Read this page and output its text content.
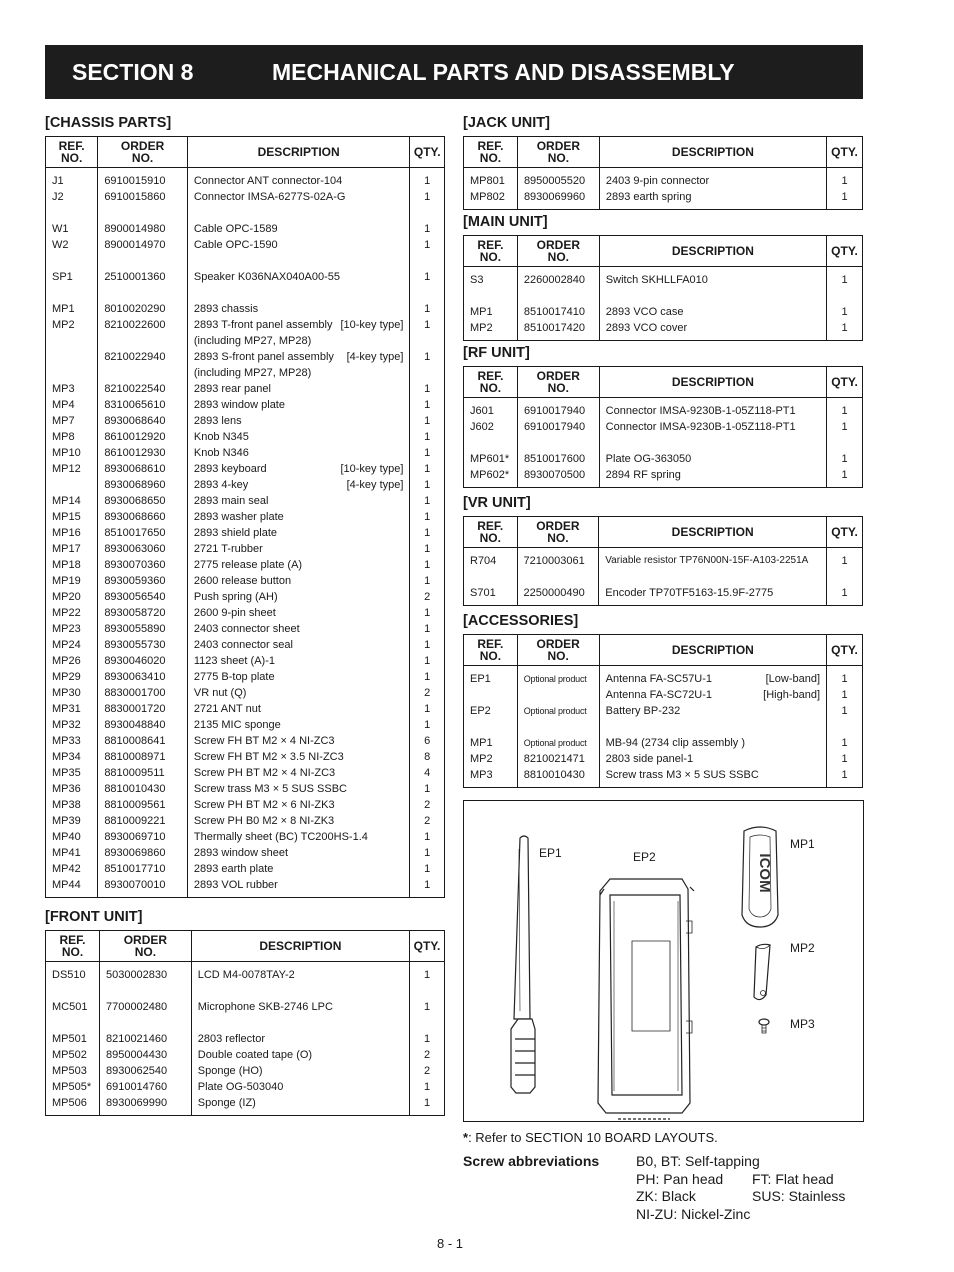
SECTION 8	MECHANICAL PARTS AND DISASSEMBLY
[CHASSIS PARTS]
REF.
NO.	ORDER
NO.	DESCRIPTION	QTY.
J1	6910015910	Connector ANT connector-104	1
J2	6910015860	Connector IMSA-6277S-02A-G	1

W1	8900014980	Cable OPC-1589	1
W2	8900014970	Cable OPC-1590	1

SP1	2510001360	Speaker K036NAX040A00-55	1

MP1	8010020290	2893 chassis	1
MP2	8210022600	2893 T-front panel assembly [10-key type]	1

		(including MP27, MP28)	

	8210022940	2893 S-front panel assembly [4-key type]	1

		(including MP27, MP28)	

MP3	8210022540	2893 rear panel	1
MP4	8310065610	2893 window plate	1
MP7	8930068640	2893 lens	1
MP8	8610012920	Knob N345	1
MP10	8610012930	Knob N346	1
MP12	8930068610	2893 keyboard [10-key type]	1
	8930068960	2893 4-key [4-key type]	1
MP14	8930068650	2893 main seal	1
MP15	8930068660	2893 washer plate	1
MP16	8510017650	2893 shield plate	1
MP17	8930063060	2721 T-rubber	1
MP18	8930070360	2775 release plate (A)	1
MP19	8930059360	2600 release button	1
MP20	8930056540	Push spring (AH)	2
MP22	8930058720	2600 9-pin sheet	1
MP23	8930055890	2403 connector sheet	1
MP24	8930055730	2403 connector seal	1
MP26	8930046020	1123 sheet (A)-1	1
MP29	8930063410	2775 B-top plate	1
MP30	8830001700	VR nut (Q)	2
MP31	8830001720	2721 ANT nut	1
MP32	8930048840	2135 MIC sponge	1
MP33	8810008641	Screw FH BT M2 × 4 NI-ZC3	6
MP34	8810008971	Screw FH BT M2 × 3.5 NI-ZC3	8
MP35	8810009511	Screw PH BT M2 × 4 NI-ZC3	4
MP36	8810010430	Screw trass M3 × 5 SUS SSBC	1
MP38	8810009561	Screw PH BT M2 × 6 NI-ZK3	2
MP39	8810009221	Screw PH B0 M2 × 8 NI-ZK3	2
MP40	8930069710	Thermally sheet (BC) TC200HS-1.4	1
MP41	8930069860	2893 window sheet	1
MP42	8510017710	2893 earth plate	1
MP44	8930070010	2893 VOL rubber	1
[FRONT UNIT]
REF.
NO.	ORDER
NO.	DESCRIPTION	QTY.
DS510	5030002830	LCD M4-0078TAY-2	1

MC501	7700002480	Microphone SKB-2746 LPC	1

MP501	8210021460	2803 reflector	1
MP502	8950004430	Double coated tape (O)	2
MP503	8930062540	Sponge (HO)	2
MP505*	6910014760	Plate OG-503040	1
MP506	8930069990	Sponge (IZ)	1
[JACK UNIT]
REF.
NO.	ORDER
NO.	DESCRIPTION	QTY.
MP801	8950005520	2403 9-pin connector	1
MP802	8930069960	2893 earth spring	1
[MAIN UNIT]
REF.
NO.	ORDER
NO.	DESCRIPTION	QTY.
S3	2260002840	Switch SKHLLFA010	1

MP1	8510017410	2893 VCO case	1
MP2	8510017420	2893 VCO cover	1
[RF UNIT]
REF.
NO.	ORDER
NO.	DESCRIPTION	QTY.
J601	6910017940	Connector IMSA-9230B-1-05Z118-PT1	1
J602	6910017940	Connector IMSA-9230B-1-05Z118-PT1	1

MP601*	8510017600	Plate OG-363050	1
MP602*	8930070500	2894 RF spring	1
[VR UNIT]
REF.
NO.	ORDER
NO.	DESCRIPTION	QTY.
R704	7210003061	Variable resistor TP76N00N-15F-A103-2251A	1

S701	2250000490	Encoder TP70TF5163-15.9F-2775	1
[ACCESSORIES]
REF.
NO.	ORDER
NO.	DESCRIPTION	QTY.
EP1	Optional product	Antenna FA-SC57U-1 [Low-band]	1

		Antenna FA-SC72U-1 [High-band]	1
EP2	Optional product	Battery BP-232	1

MP1	Optional product	MB-94 (2734 clip assembly )	1
MP2	8210021471	2803 side panel-1	1
MP3	8810010430	Screw trass M3 × 5 SUS SSBC	1
ICOM
EP1	EP2
MP1
MP2
MP3
*: Refer to SECTION 10 BOARD LAYOUTS.
Screw abbreviations	B0, BT: Self-tapping
PH: Pan head FT: Flat head
ZK: Black	SUS: Stainless
NI-ZU: Nickel-Zinc
8 - 1
